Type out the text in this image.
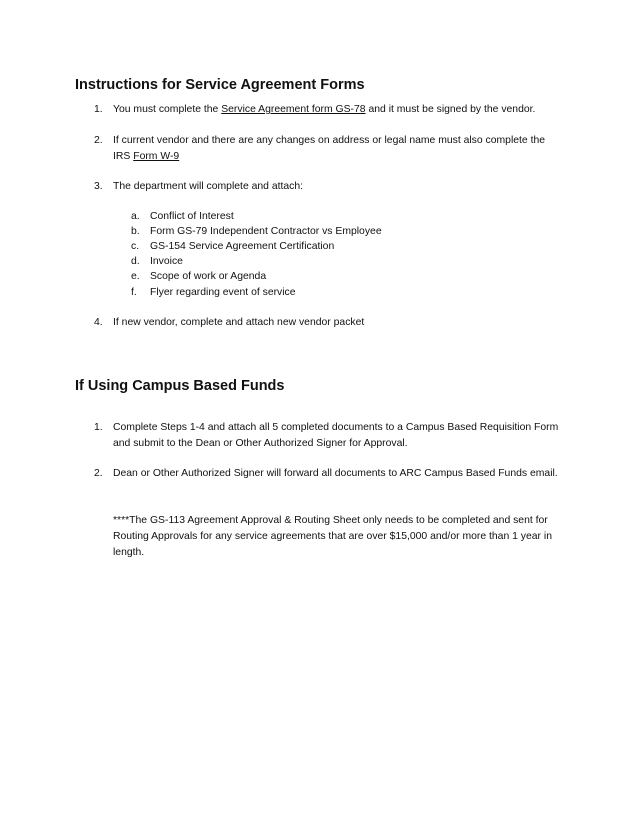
Instructions for Service Agreement Forms
1. You must complete the Service Agreement form GS-78 and it must be signed by the vendor.
2. If current vendor and there are any changes on address or legal name must also complete the
IRS Form W-9
3. The department will complete and attach:
a. Conflict of Interest
b. Form GS-79 Independent Contractor vs Employee
c.	GS-154 Service Agreement Certification
d. Invoice
e. Scope of work or Agenda
f.	Flyer regarding event of service
4. If new vendor, complete and attach new vendor packet
If Using Campus Based Funds
1. Complete Steps 1-4 and attach all 5 completed documents to a Campus Based Requisition Form
and submit to the Dean or Other Authorized Signer for Approval.
2. Dean or Other Authorized Signer will forward all documents to ARC Campus Based Funds email.
****The GS-113 Agreement Approval & Routing Sheet only needs to be completed and sent for
Routing Approvals for any service agreements that are over $15,000 and/or more than 1 year in
length.
